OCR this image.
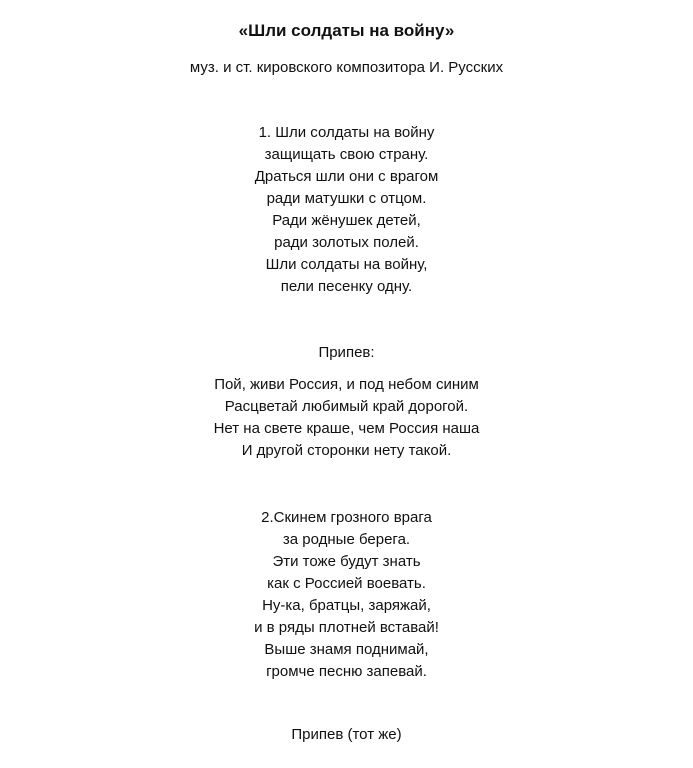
«Шли солдаты на войну»
муз. и ст. кировского композитора И. Русских
1. Шли солдаты на войну
защищать свою страну.
Драться шли они с врагом
ради матушки с отцом.
Ради жёнушек детей,
ради золотых полей.
Шли солдаты на войну,
пели песенку одну.
Припев:
Пой, живи Россия, и под небом синим
Расцветай любимый край дорогой.
Нет на свете краше, чем Россия наша
И другой сторонки нету такой.
2.Скинем грозного врага
за родные берега.
Эти тоже будут знать
как с Россией воевать.
Ну-ка, братцы, заряжай,
и в ряды плотней вставай!
Выше знамя поднимай,
громче песню запевай.
Припев (тот же)
